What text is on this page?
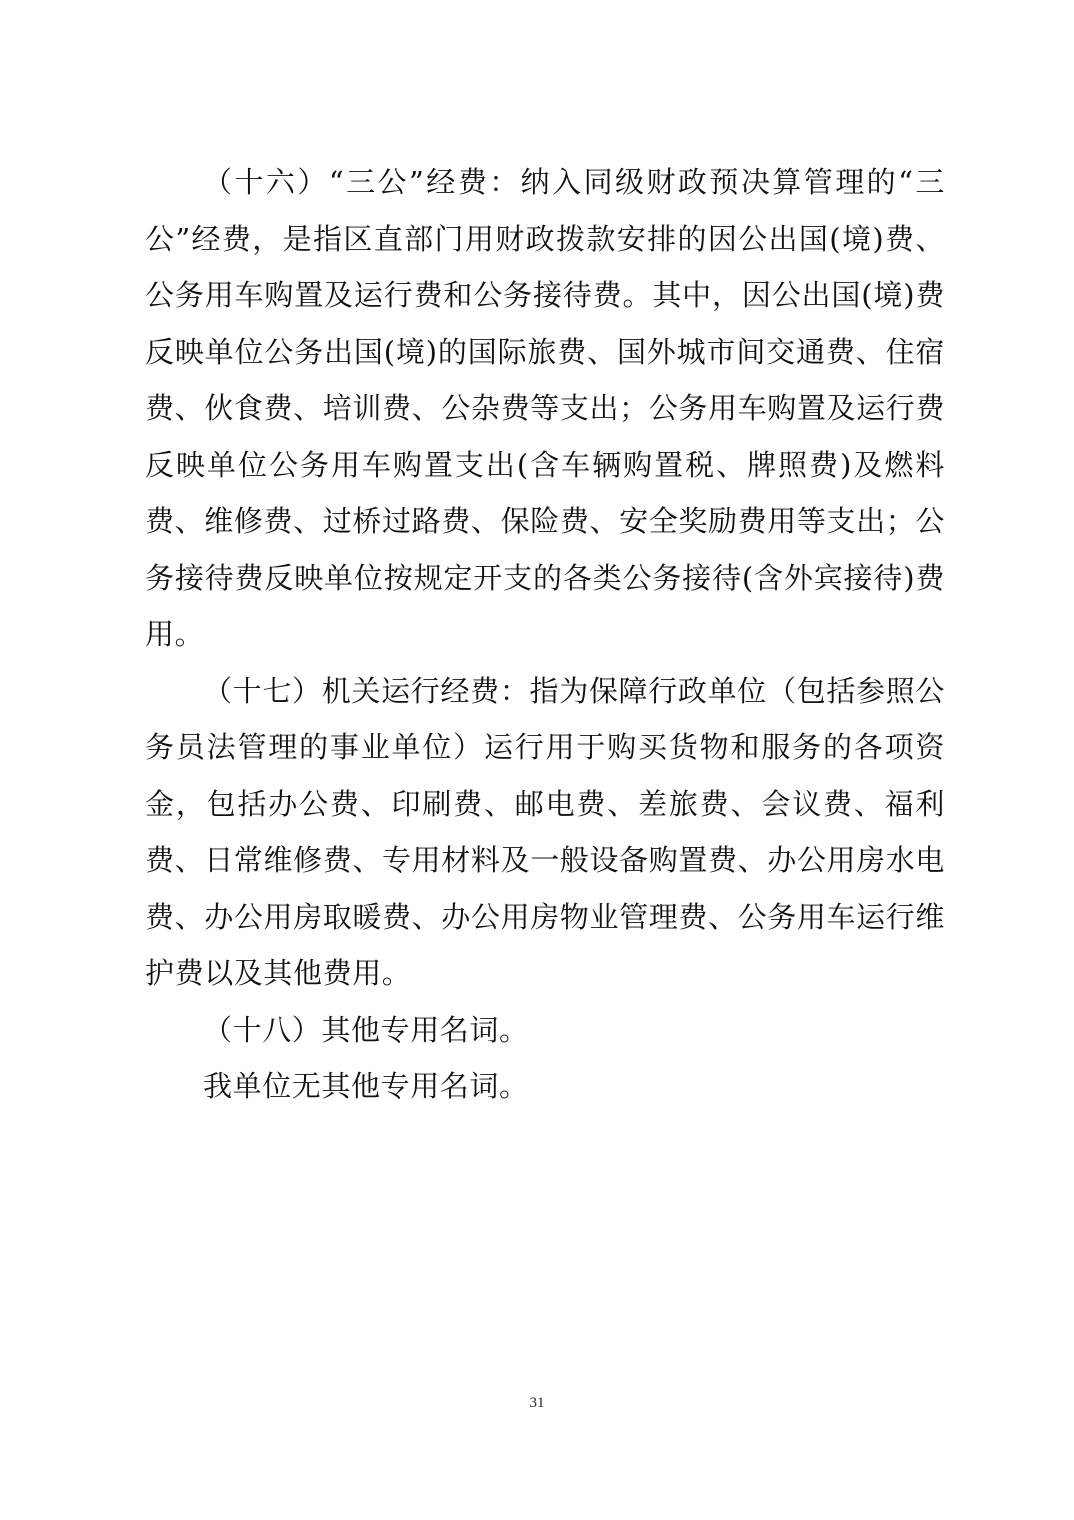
（十六）“三公”经费：纳入同级财政预决算管理的“三公”经费，是指区直部门用财政拨款安排的因公出国(境)费、公务用车购置及运行费和公务接待费。其中，因公出国(境)费反映单位公务出国(境)的国际旅费、国外城市间交通费、住宿费、伙食费、培训费、公杂费等支出；公务用车购置及运行费反映单位公务用车购置支出(含车辆购置税、牌照费)及燃料费、维修费、过桥过路费、保险费、安全奖励费用等支出；公务接待费反映单位按规定开支的各类公务接待(含外宾接待)费用。

（十七）机关运行经费：指为保障行政单位（包括参照公务员法管理的事业单位）运行用于购买货物和服务的各项资金，包括办公费、印刷费、邮电费、差旅费、会议费、福利费、日常维修费、专用材料及一般设备购置费、办公用房水电费、办公用房取暖费、办公用房物业管理费、公务用车运行维护费以及其他费用。

（十八）其他专用名词。

我单位无其他专用名词。

31
